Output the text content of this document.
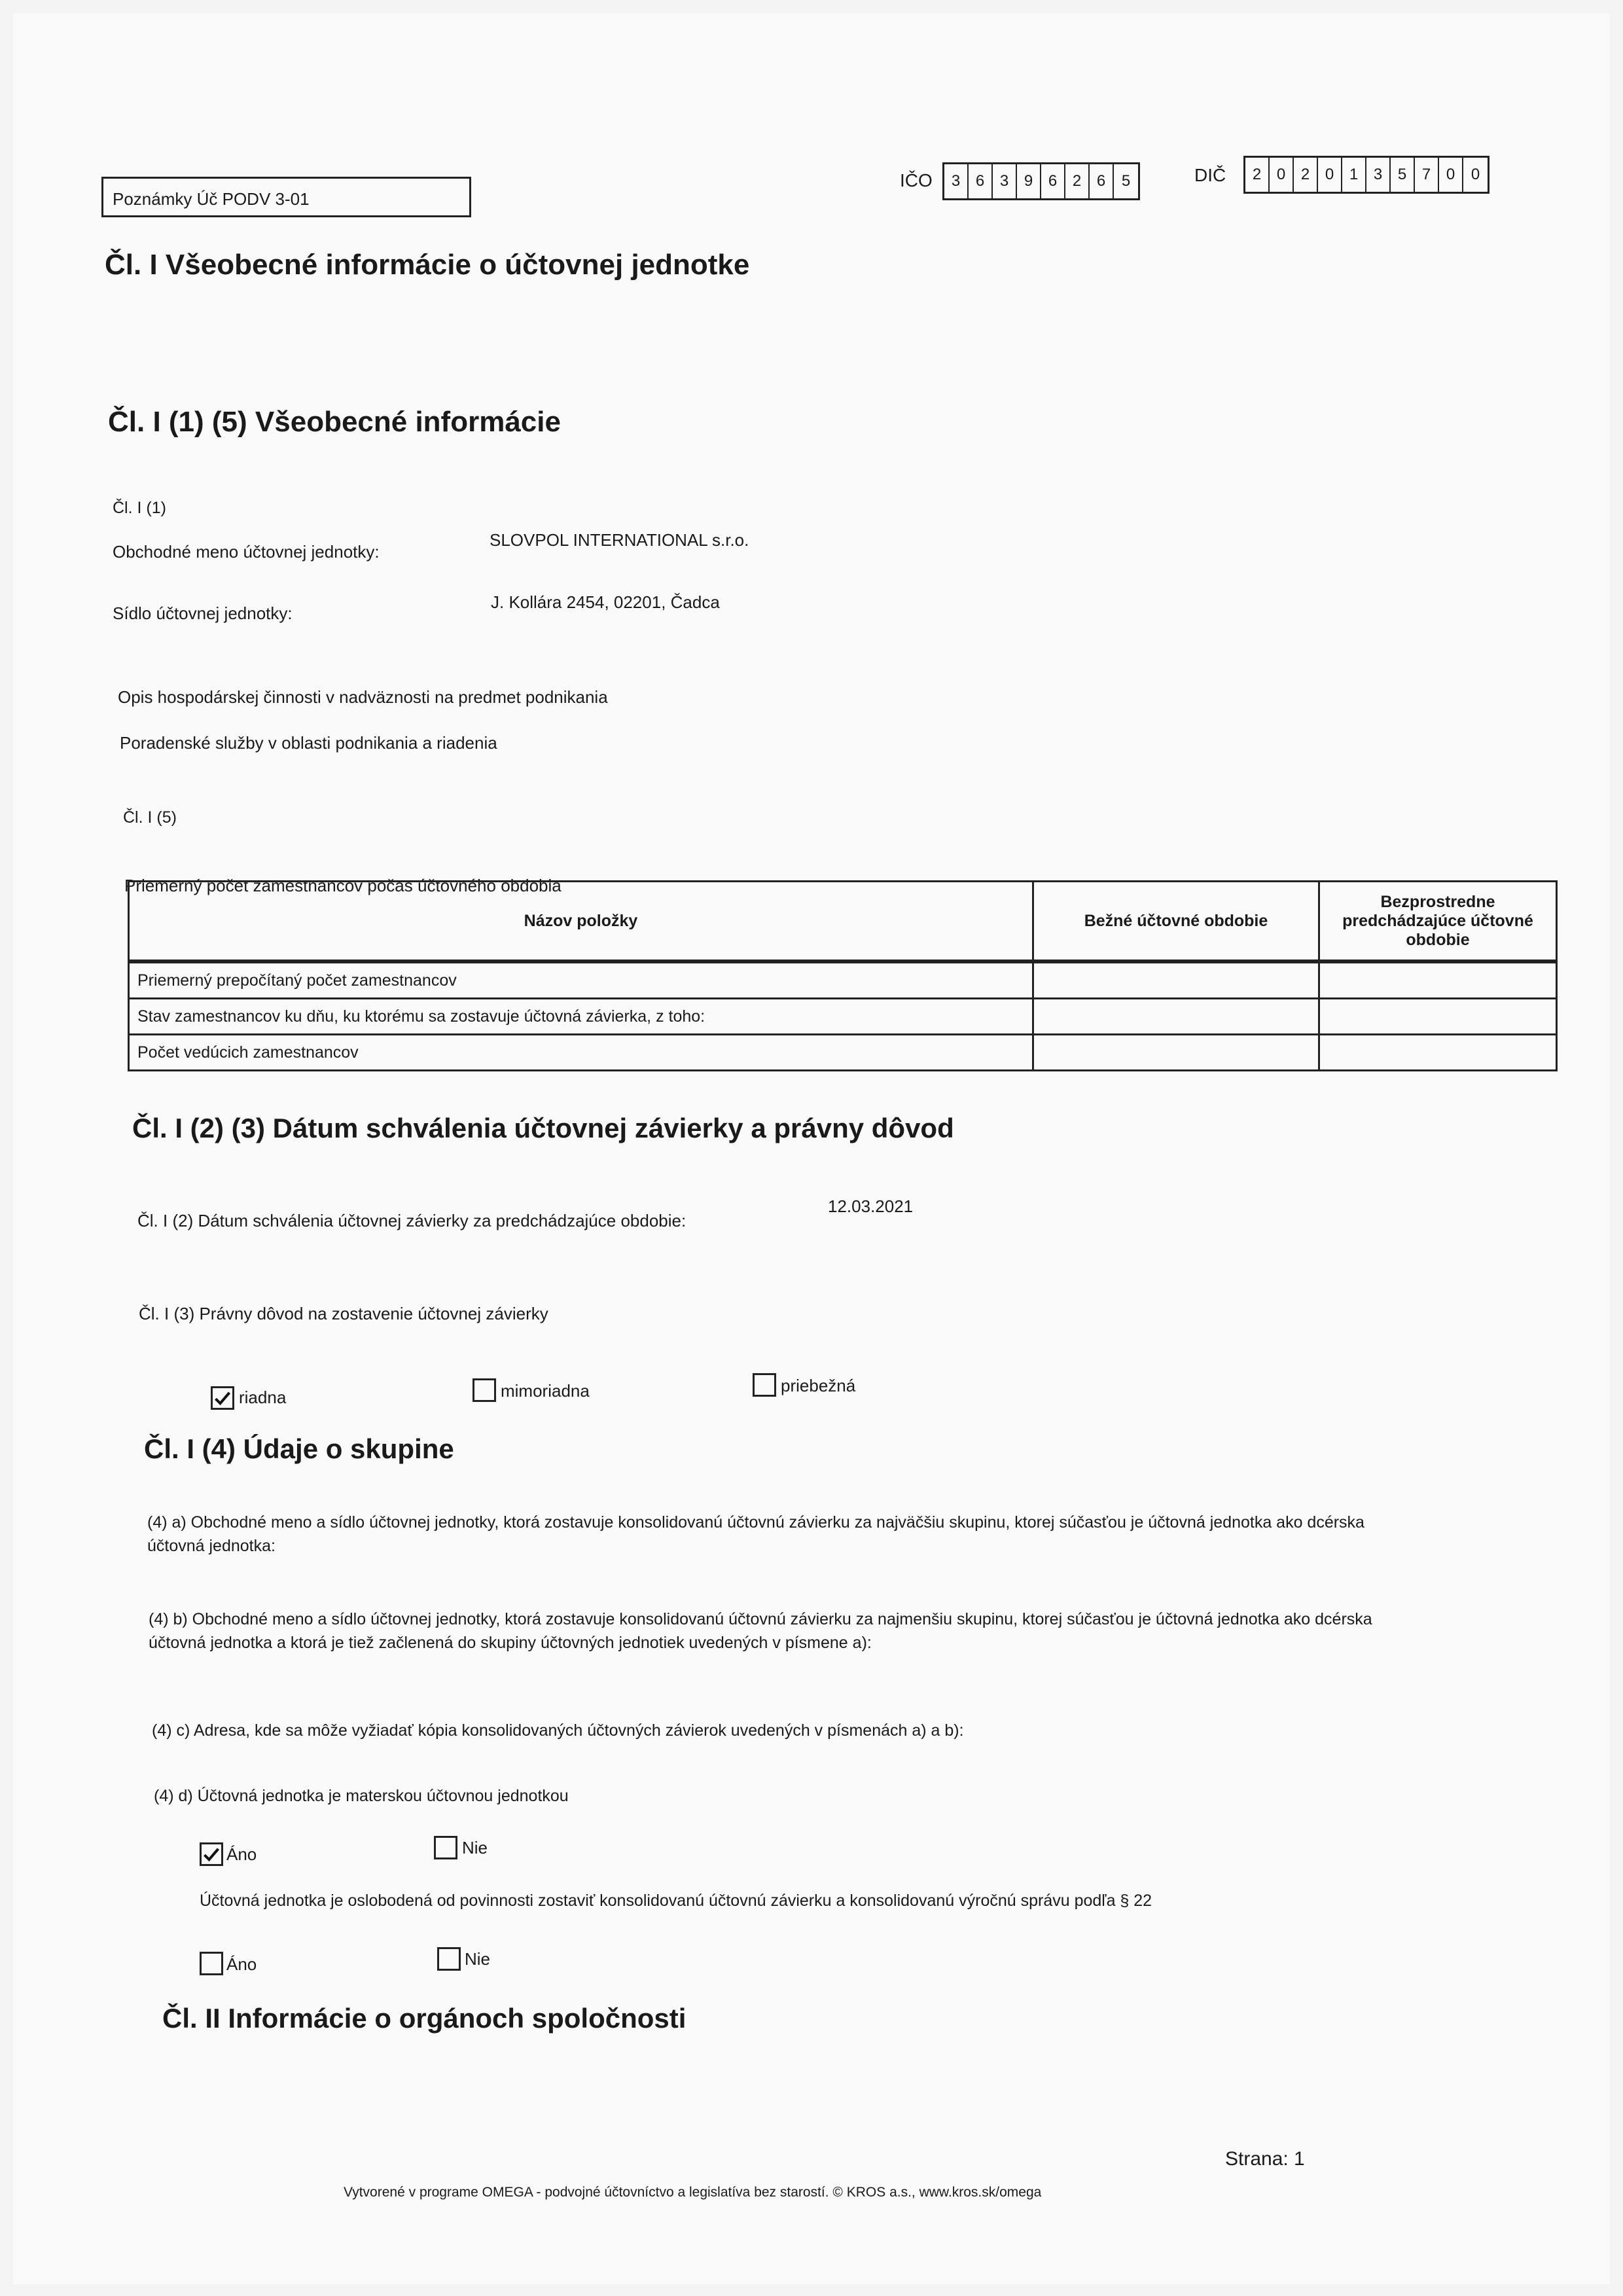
Poznámky Úč PODV 3-01
IČO	3 6 3 9 6 2 6	5	DIČ	2 0 2 0 1 3 5 7 0	0
Čl. I Všeobecné informácie o účtovnej jednotke
Čl. I (1) (5) Všeobecné informácie
Čl. I (1)
Obchodné meno účtovnej jednotky:
SLOVPOL INTERNATIONAL s.r.o.
Sídlo účtovnej jednotky:
J. Kollára 2454, 02201, Čadca
Opis hospodárskej činnosti v nadväznosti na predmet podnikania
Poradenské služby v oblasti podnikania a riadenia
Čl. I (5)
Priemerný počet zamestnancov počas účtovného obdobia
Názov položky	Bežné účtovné obdobie	Bezprostredne predchádzajúce účtovné obdobie
Priemerný prepočítaný počet zamestnancov		
Stav zamestnancov ku dňu, ku ktorému sa zostavuje účtovná závierka, z toho:		
Počet vedúcich zamestnancov		
Čl. I (2) (3) Dátum schválenia účtovnej závierky a právny dôvod
Čl. I (2) Dátum schválenia účtovnej závierky za predchádzajúce obdobie:
12.03.2021
Čl. I (3) Právny dôvod na zostavenie účtovnej závierky
riadna	mimoriadna	priebežná
Čl. I (4) Údaje o skupine
(4) a) Obchodné meno a sídlo účtovnej jednotky, ktorá zostavuje konsolidovanú účtovnú závierku za najväčšiu skupinu, ktorej súčasťou je účtovná jednotka ako dcérska
účtovná jednotka:
(4) b) Obchodné meno a sídlo účtovnej jednotky, ktorá zostavuje konsolidovanú účtovnú závierku za najmenšiu skupinu, ktorej súčasťou je účtovná jednotka ako dcérska
účtovná jednotka a ktorá je tiež začlenená do skupiny účtovných jednotiek uvedených v písmene a):
(4) c) Adresa, kde sa môže vyžiadať kópia konsolidovaných účtovných závierok uvedených v písmenách a) a b):
(4) d) Účtovná jednotka je materskou účtovnou jednotkou
Áno	Nie
Účtovná jednotka je oslobodená od povinnosti zostaviť konsolidovanú účtovnú závierku a konsolidovanú výročnú správu podľa § 22
Áno	Nie
Čl. II Informácie o orgánoch spoločnosti
Strana: 1
Vytvorené v programe OMEGA - podvojné účtovníctvo a legislatíva bez starostí. © KROS a.s., www.kros.sk/omega
